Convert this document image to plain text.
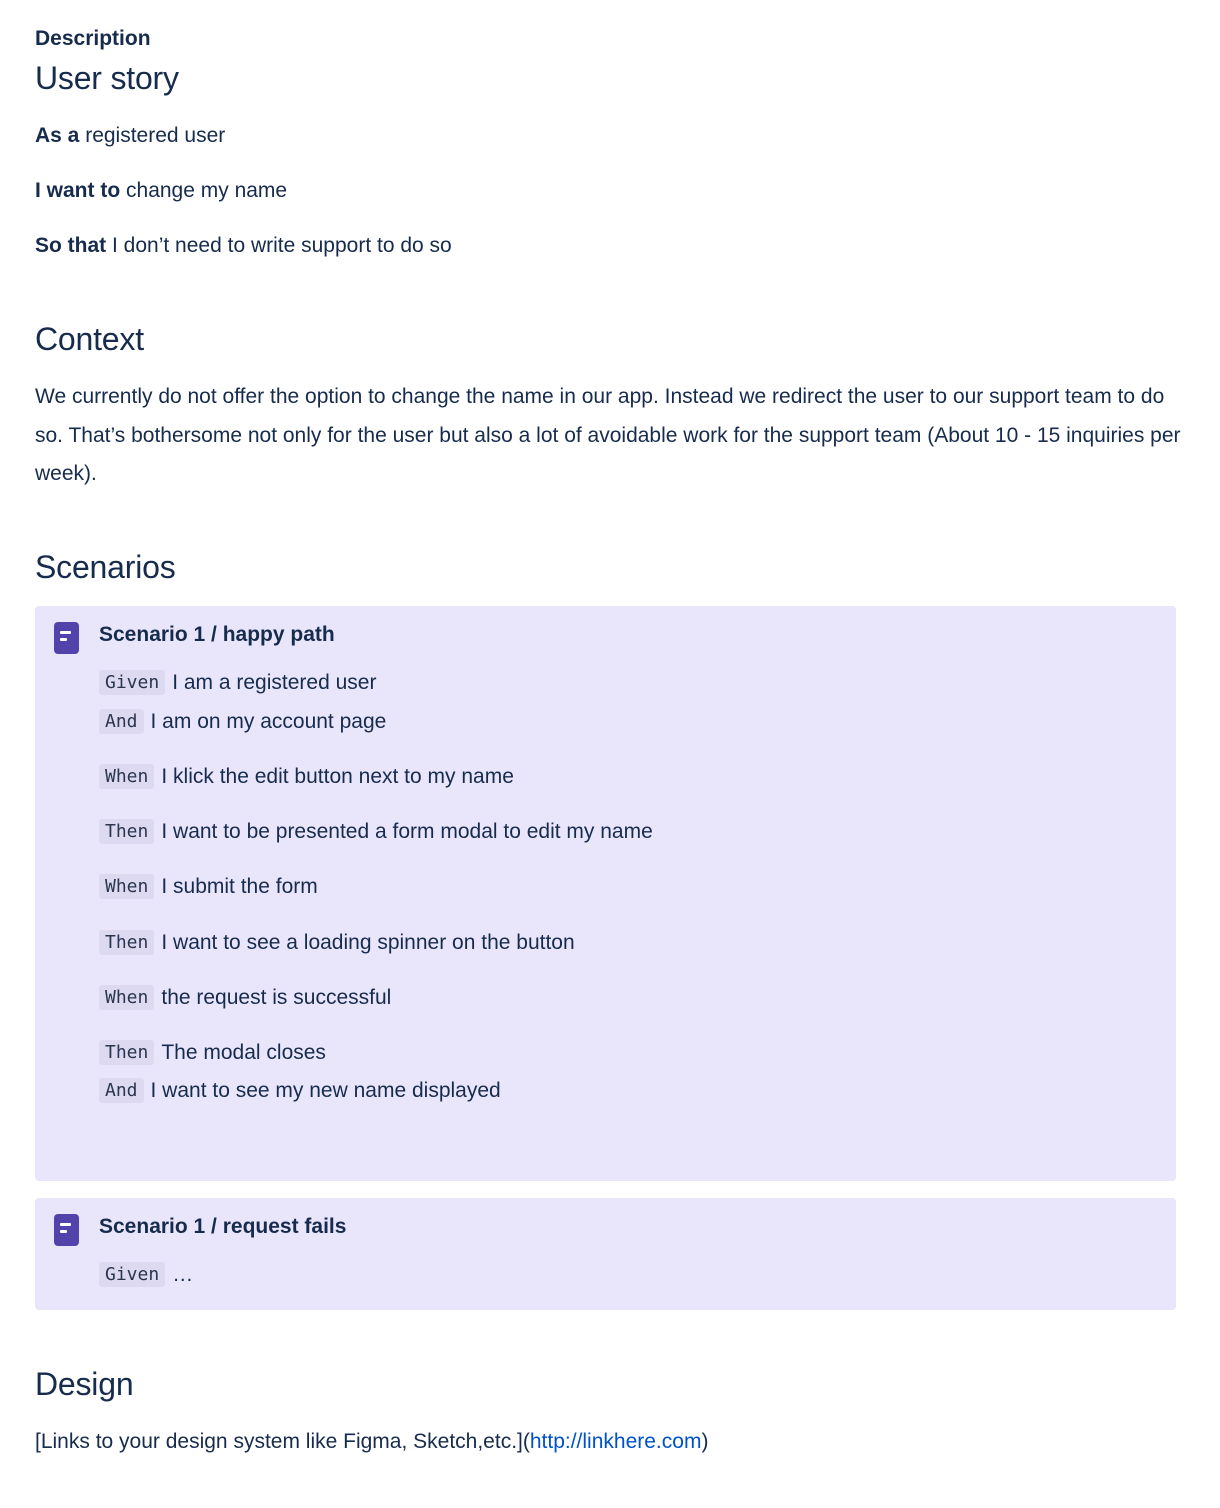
Description
User story
As a registered user
I want to change my name
So that I don’t need to write support to do so
Context
We currently do not offer the option to change the name in our app. Instead we redirect the user to our support team to do so. That’s bothersome not only for the user but also a lot of avoidable work for the support team (About 10 - 15 inquiries per week).
Scenarios
Scenario 1 / happy path
Given I am a registered user
And I am on my account page
When I klick the edit button next to my name
Then I want to be presented a form modal to edit my name
When I submit the form
Then I want to see a loading spinner on the button
When the request is successful
Then The modal closes
And I want to see my new name displayed
Scenario 1 / request fails
Given …
Design
[Links to your design system like Figma, Sketch,etc.](http://linkhere.com)
